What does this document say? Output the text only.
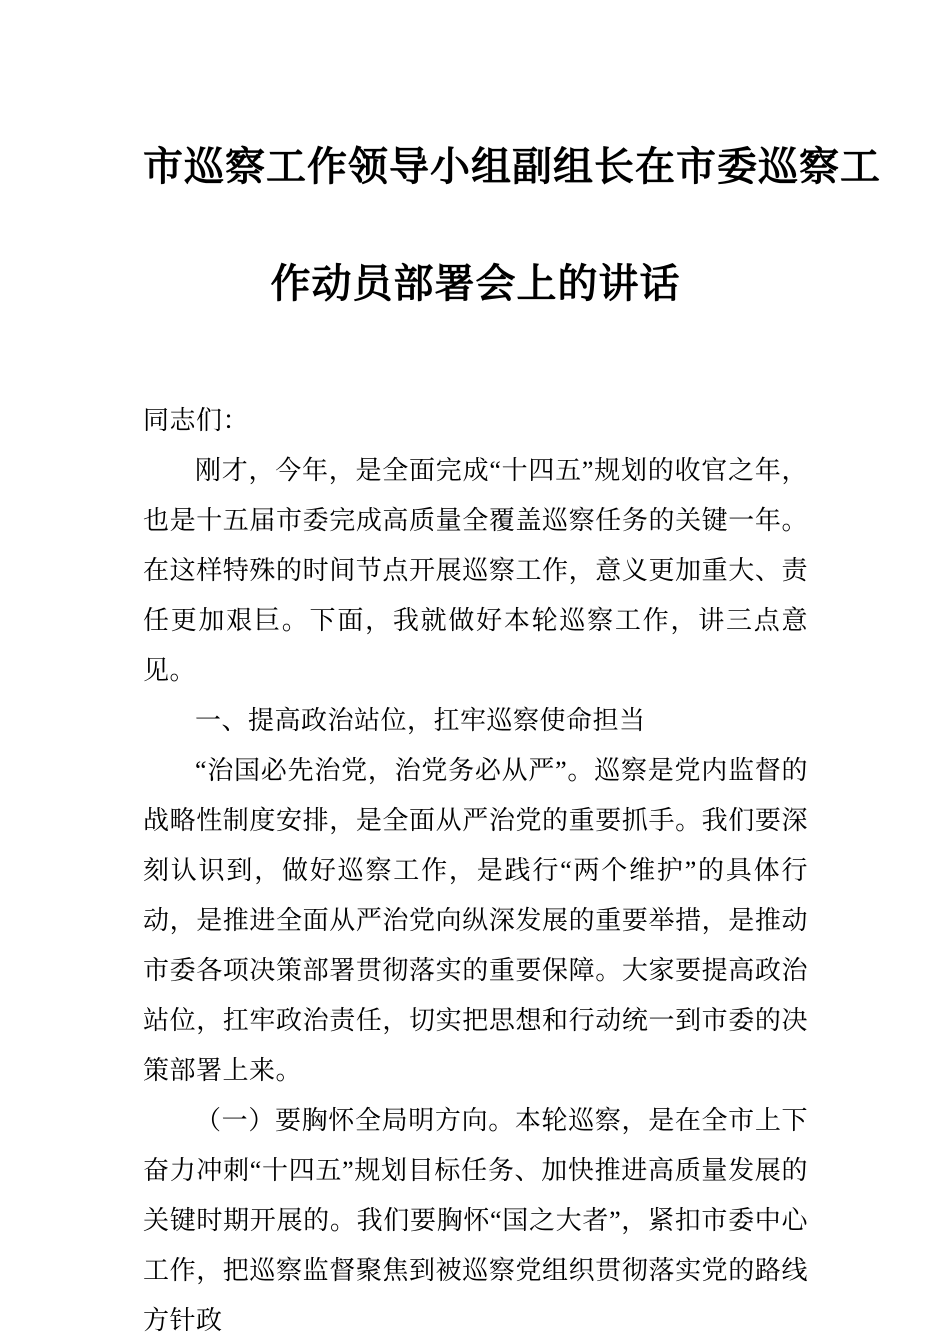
市巡察工作领导小组副组长在市委巡察工
作动员部署会上的讲话

同志们：

刚才，今年，是全面完成“十四五”规划的收官之年，也是十五届市委完成高质量全覆盖巡察任务的关键一年。在这样特殊的时间节点开展巡察工作，意义更加重大、责任更加艰巨。下面，我就做好本轮巡察工作，讲三点意见。

一、提高政治站位，扛牢巡察使命担当

“治国必先治党，治党务必从严”。巡察是党内监督的战略性制度安排，是全面从严治党的重要抓手。我们要深刻认识到，做好巡察工作，是践行“两个维护”的具体行动，是推进全面从严治党向纵深发展的重要举措，是推动市委各项决策部署贯彻落实的重要保障。大家要提高政治站位，扛牢政治责任，切实把思想和行动统一到市委的决策部署上来。

（一）要胸怀全局明方向。本轮巡察，是在全市上下奋力冲刺“十四五”规划目标任务、加快推进高质量发展的关键时期开展的。我们要胸怀“国之大者”，紧扣市委中心工作，把巡察监督聚焦到被巡察党组织贯彻落实党的路线方针政
